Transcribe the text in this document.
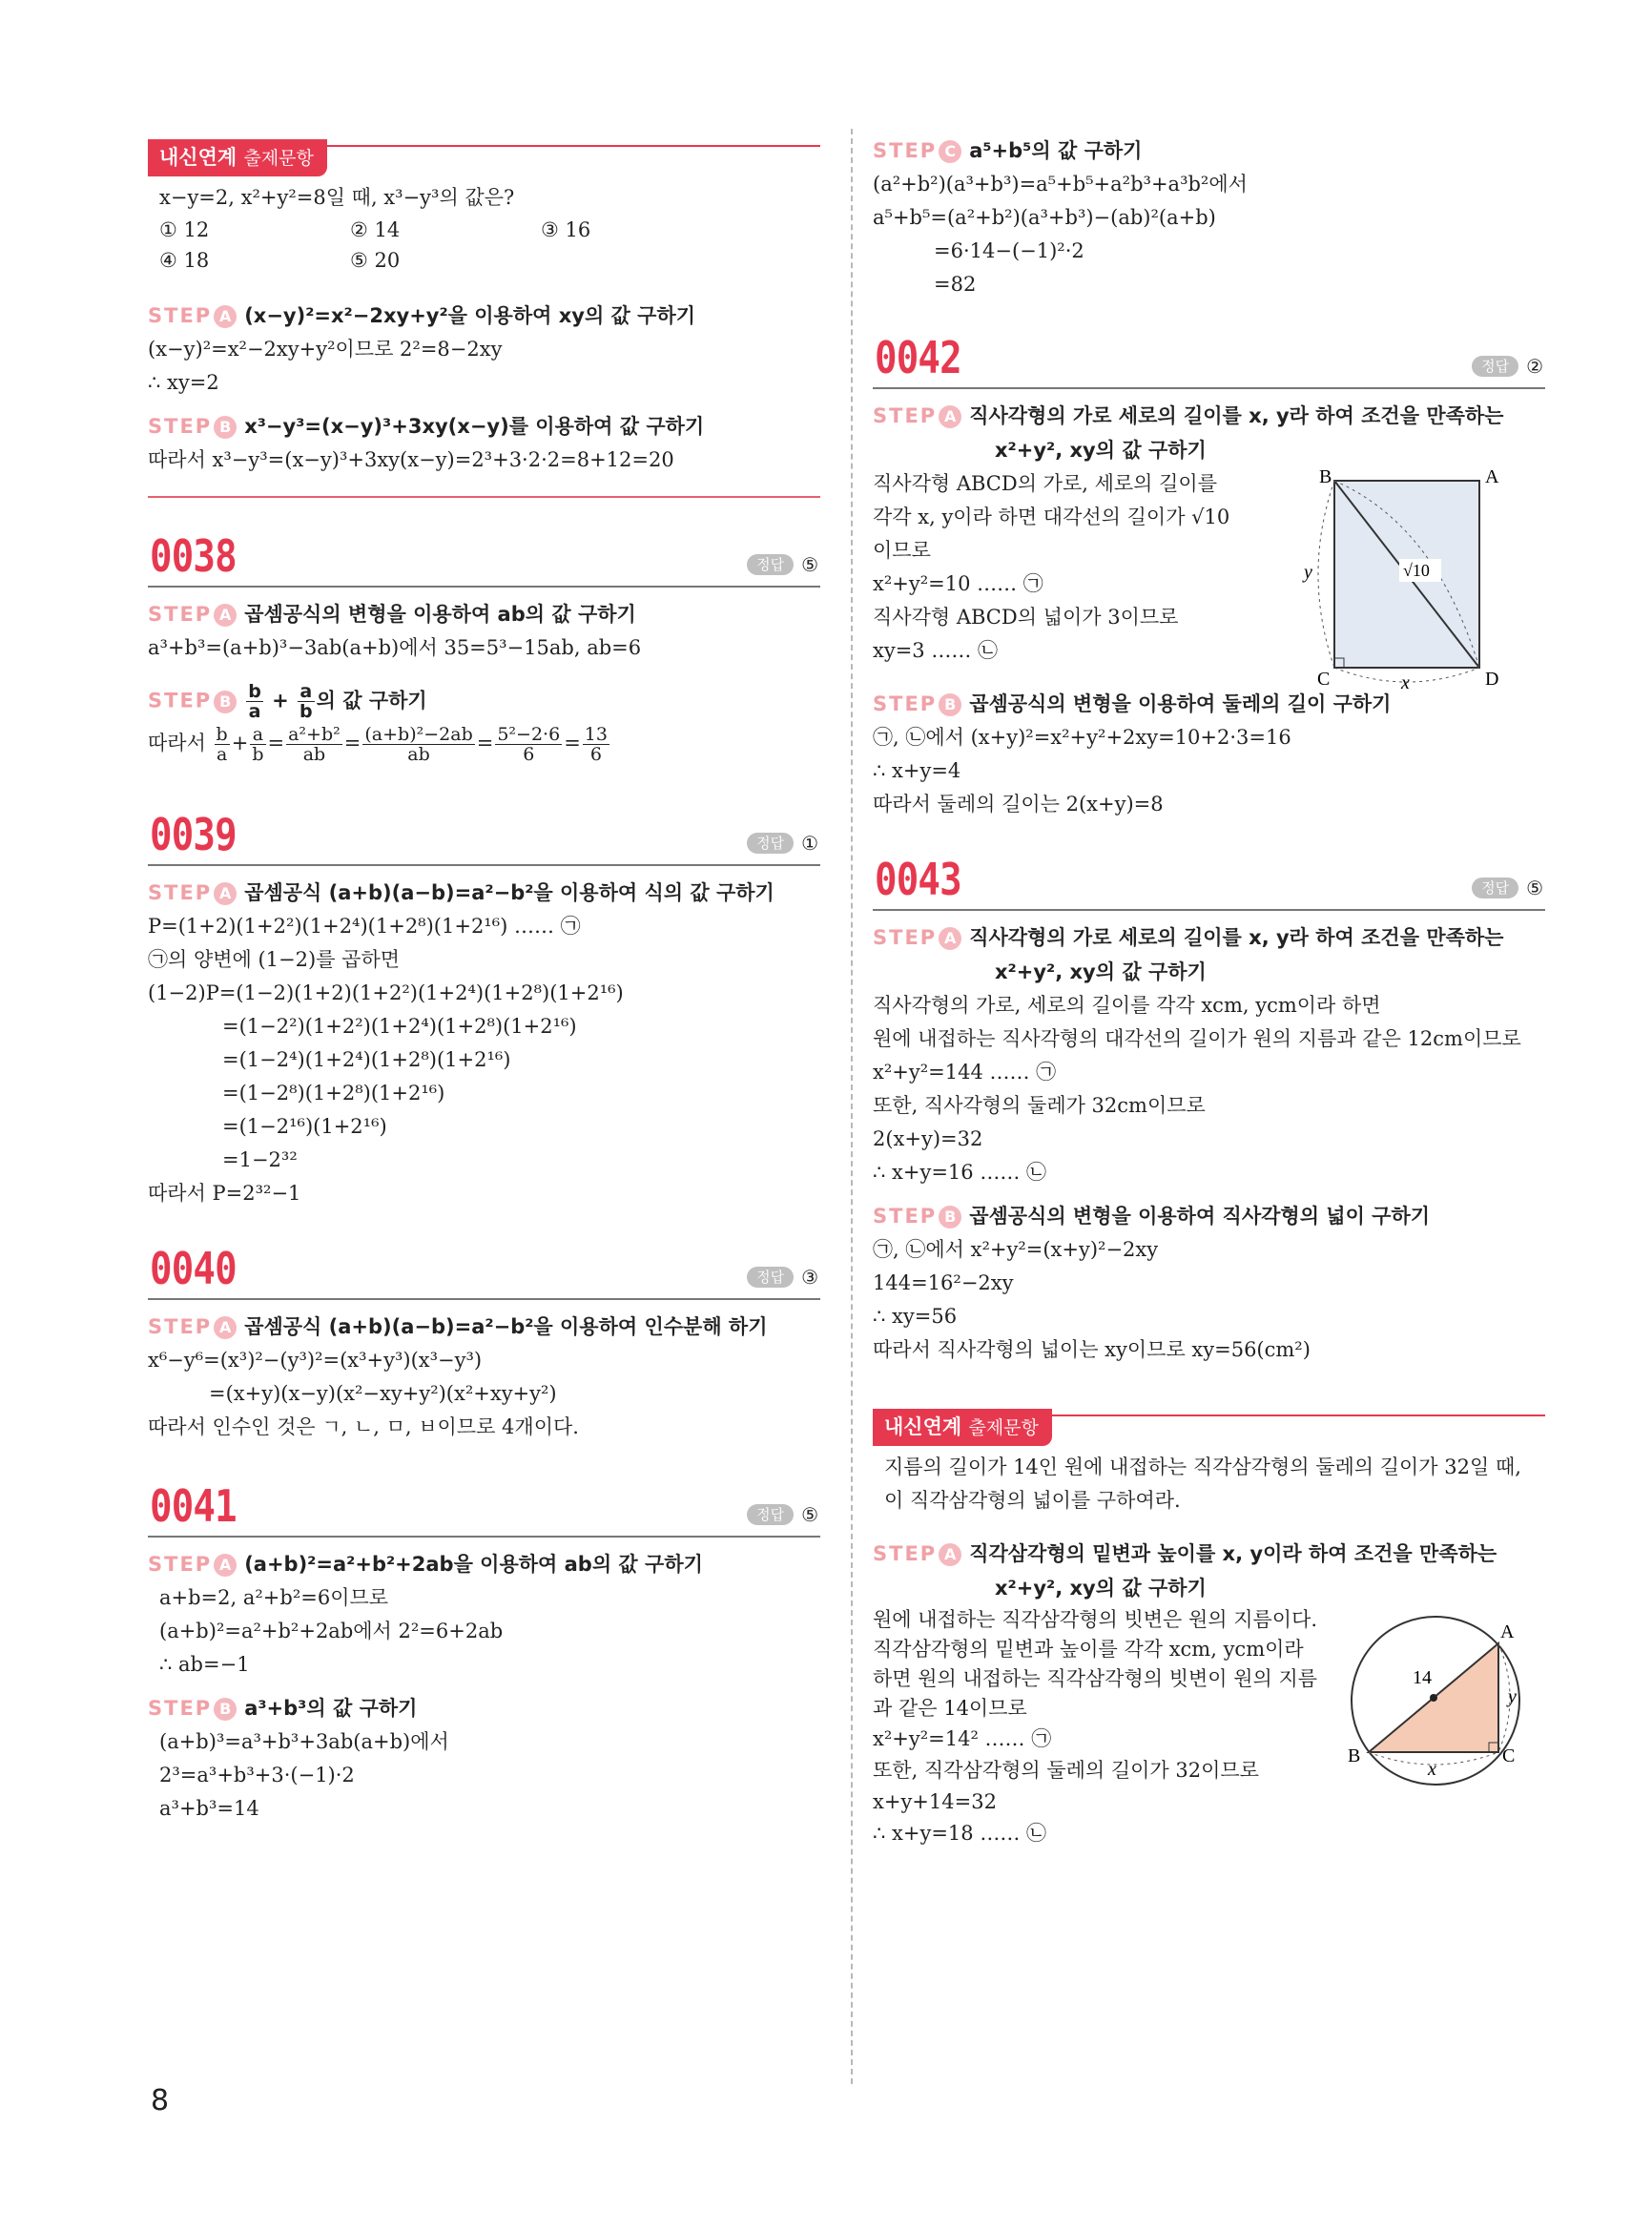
내신연계 출제문항
x−y=2, x²+y²=8일 때, x³−y³의 값은?
① 12	② 14	③ 16
④ 18	⑤ 20
STEP A (x−y)²=x²−2xy+y²을 이용하여 xy의 값 구하기
(x−y)²=x²−2xy+y²이므로 2²=8−2xy
∴ xy=2
STEP B x³−y³=(x−y)³+3xy(x−y)를 이용하여 값 구하기
따라서 x³−y³=(x−y)³+3xy(x−y)=2³+3·2·2=8+12=20
0038	정답 ⑤
STEP A 곱셈공식의 변형을 이용하여 ab의 값 구하기
a³+b³=(a+b)³−3ab(a+b)에서 35=5³−15ab, ab=6
STEP B $\frac{b}{a} + \frac{a}{b}$ 의 값 구하기
따라서 $\frac{b}{a} + \frac{a}{b} = \frac{\text{a²+b²}}{ab} = \frac{\text{(a+b)²−2ab}}{ab} = \frac{\text{5²−2·6}}{6} = \frac{13}{6}$
0039	정답 ①
STEP A 곱셈공식 (a+b)(a−b)=a²−b²을 이용하여 식의 값 구하기
P=(1+2)(1+2²)(1+2⁴)(1+2⁸)(1+2¹⁶) …… ㉠
㉠의 양변에 (1−2)를 곱하면
(1−2)P=(1−2)(1+2)(1+2²)(1+2⁴)(1+2⁸)(1+2¹⁶)
=(1−2²)(1+2²)(1+2⁴)(1+2⁸)(1+2¹⁶)
=(1−2⁴)(1+2⁴)(1+2⁸)(1+2¹⁶)
=(1−2⁸)(1+2⁸)(1+2¹⁶)
=(1−2¹⁶)(1+2¹⁶)
=1−2³²
따라서 P=2³²−1
0040	정답 ③
STEP A 곱셈공식 (a+b)(a−b)=a²−b²을 이용하여 인수분해 하기
x⁶−y⁶=(x³)²−(y³)²=(x³+y³)(x³−y³)
=(x+y)(x−y)(x²−xy+y²)(x²+xy+y²)
따라서 인수인 것은 ㄱ, ㄴ, ㅁ, ㅂ이므로 4개이다.
0041	정답 ⑤
STEP A (a+b)²=a²+b²+2ab을 이용하여 ab의 값 구하기
a+b=2, a²+b²=6이므로
(a+b)²=a²+b²+2ab에서 2²=6+2ab
∴ ab=−1
STEP B a³+b³의 값 구하기
(a+b)³=a³+b³+3ab(a+b)에서
2³=a³+b³+3·(−1)·2
a³+b³=14
STEP C a⁵+b⁵의 값 구하기
(a²+b²)(a³+b³)=a⁵+b⁵+a²b³+a³b²에서
a⁵+b⁵=(a²+b²)(a³+b³)−(ab)²(a+b)
=6·14−(−1)²·2
=82
0042	정답 ②
STEP A 직사각형의 가로 세로의 길이를 x, y라 하여 조건을 만족하는
x²+y², xy의 값 구하기
직사각형 ABCD의 가로, 세로의 길이를
각각 x, y이라 하면 대각선의 길이가 √10
이므로
x²+y²=10 …… ㉠
직사각형 ABCD의 넓이가 3이므로
xy=3 …… ㉡
B	A
C	D
y
x
√10
STEP B 곱셈공식의 변형을 이용하여 둘레의 길이 구하기
㉠, ㉡에서 (x+y)²=x²+y²+2xy=10+2·3=16
∴ x+y=4
따라서 둘레의 길이는 2(x+y)=8
0043	정답 ⑤
STEP A 직사각형의 가로 세로의 길이를 x, y라 하여 조건을 만족하는
x²+y², xy의 값 구하기
직사각형의 가로, 세로의 길이를 각각 xcm, ycm이라 하면
원에 내접하는 직사각형의 대각선의 길이가 원의 지름과 같은 12cm이므로
x²+y²=144 …… ㉠
또한, 직사각형의 둘레가 32cm이므로
2(x+y)=32
∴ x+y=16 …… ㉡
STEP B 곱셈공식의 변형을 이용하여 직사각형의 넓이 구하기
㉠, ㉡에서 x²+y²=(x+y)²−2xy
144=16²−2xy
∴ xy=56
따라서 직사각형의 넓이는 xy이므로 xy=56(cm²)
내신연계 출제문항
지름의 길이가 14인 원에 내접하는 직각삼각형의 둘레의 길이가 32일 때,
이 직각삼각형의 넓이를 구하여라.
STEP A 직각삼각형의 밑변과 높이를 x, y이라 하여 조건을 만족하는
x²+y², xy의 값 구하기
원에 내접하는 직각삼각형의 빗변은 원의 지름이다.
직각삼각형의 밑변과 높이를 각각 xcm, ycm이라
하면 원의 내접하는 직각삼각형의 빗변이 원의 지름
과 같은 14이므로
x²+y²=14² …… ㉠
또한, 직각삼각형의 둘레의 길이가 32이므로
x+y+14=32
∴ x+y=18 …… ㉡
A
B	C
y
x
14
8
